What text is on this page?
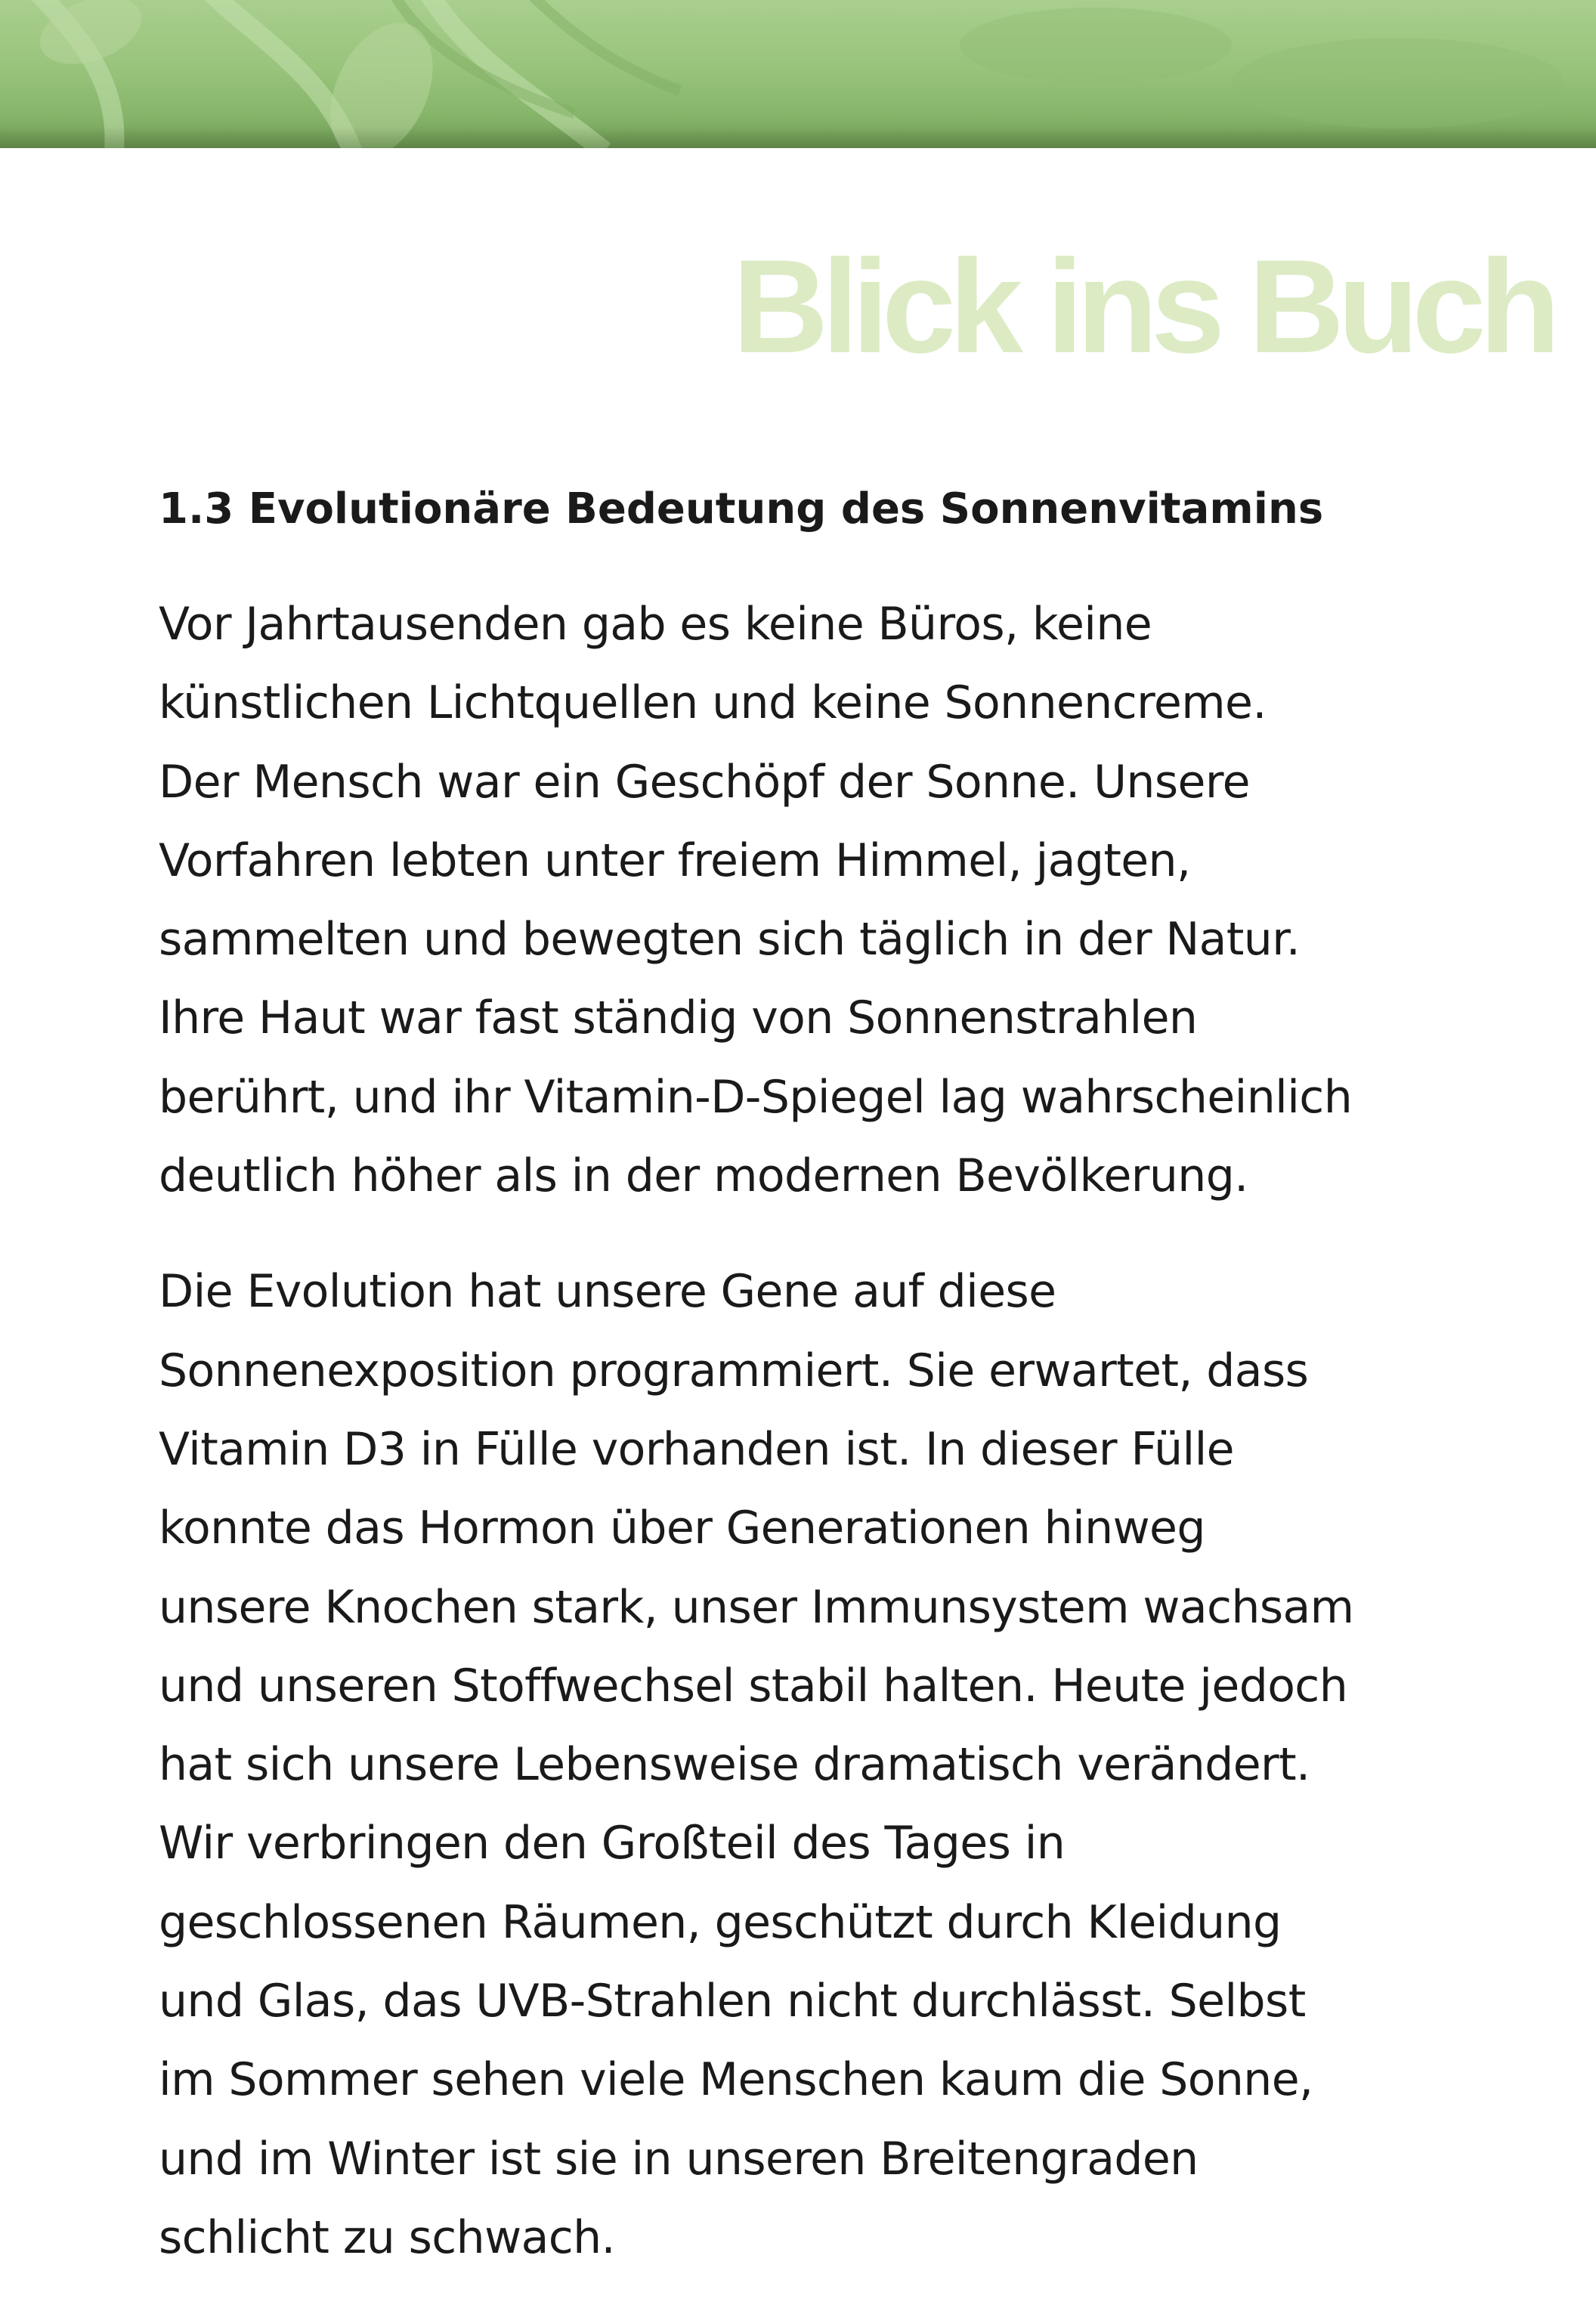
Blick ins Buch
1.3 Evolutionäre Bedeutung des Sonnenvitamins

Vor Jahrtausenden gab es keine Büros, keine
künstlichen Lichtquellen und keine Sonnencreme.
Der Mensch war ein Geschöpf der Sonne. Unsere
Vorfahren lebten unter freiem Himmel, jagten,
sammelten und bewegten sich täglich in der Natur.
Ihre Haut war fast ständig von Sonnenstrahlen
berührt, und ihr Vitamin-D-Spiegel lag wahrscheinlich
deutlich höher als in der modernen Bevölkerung.

Die Evolution hat unsere Gene auf diese
Sonnenexposition programmiert. Sie erwartet, dass
Vitamin D3 in Fülle vorhanden ist. In dieser Fülle
konnte das Hormon über Generationen hinweg
unsere Knochen stark, unser Immunsystem wachsam
und unseren Stoffwechsel stabil halten. Heute jedoch
hat sich unsere Lebensweise dramatisch verändert.
Wir verbringen den Großteil des Tages in
geschlossenen Räumen, geschützt durch Kleidung
und Glas, das UVB-Strahlen nicht durchlässt. Selbst
im Sommer sehen viele Menschen kaum die Sonne,
und im Winter ist sie in unseren Breitengraden
schlicht zu schwach.
